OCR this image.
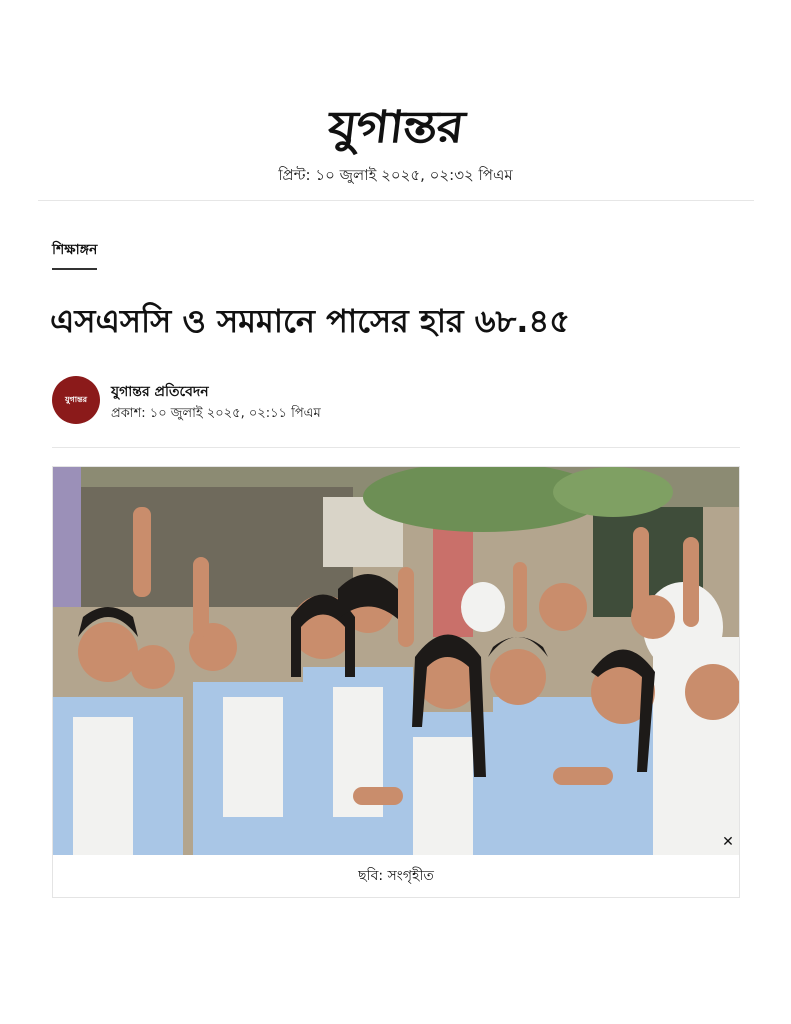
যুগান্তর
প্রিন্ট: ১০ জুলাই ২০২৫, ০২:৩২ পিএম
শিক্ষাঙ্গন
এসএসসি ও সমমানে পাসের হার ৬৮.৪৫
যুগান্তর যুগান্তর প্রতিবেদন
প্রকাশ: ১০ জুলাই ২০২৫, ০২:১১ পিএম
✕
ছবি: সংগৃহীত
